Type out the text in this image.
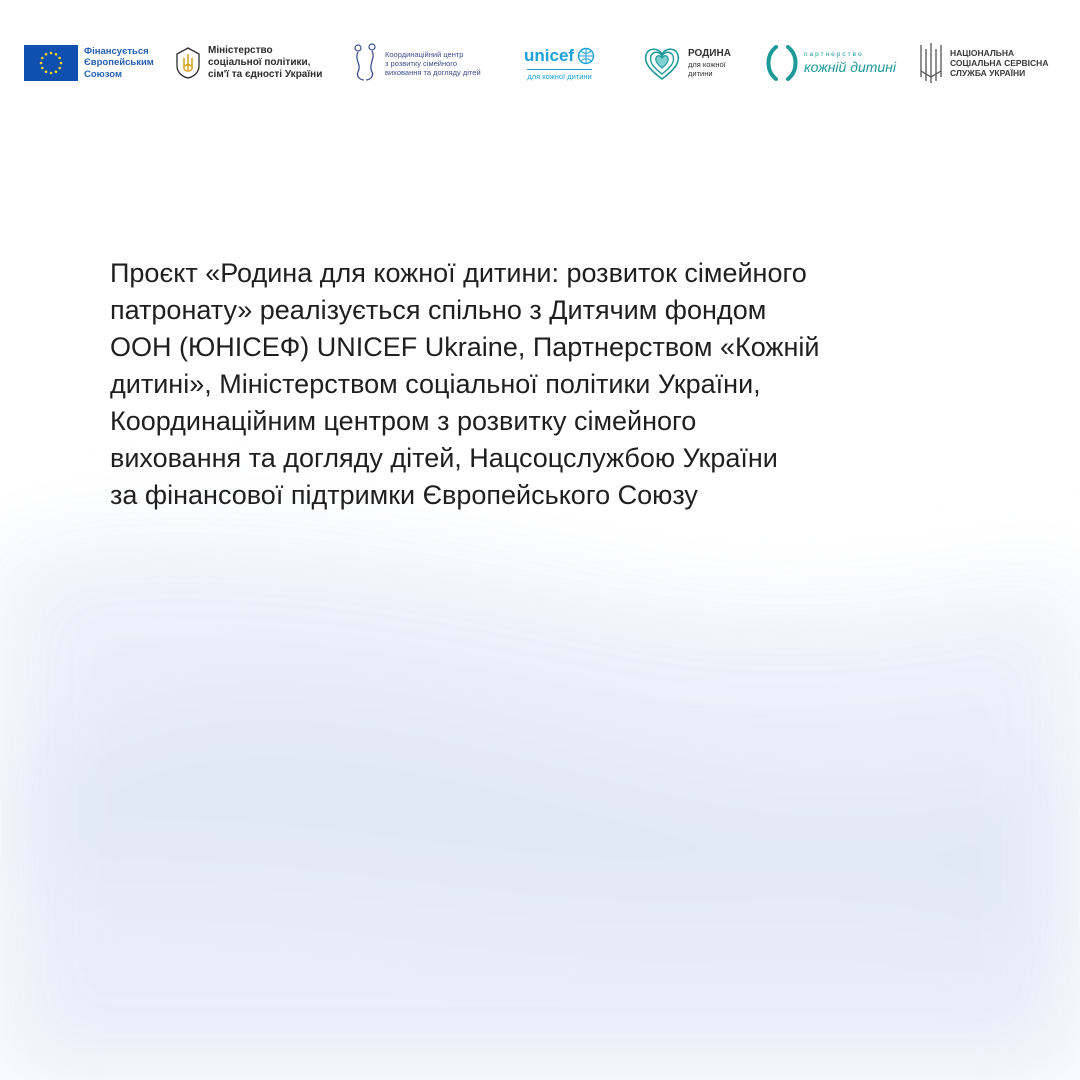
Фінансується
Європейським
Союзом
Міністерство
соціальної політики,
сім'ї та єдності України
Координаційний центр
з розвитку сімейного
виховання та догляду дітей
unicef
для кожної дитини
РОДИНА
для кожної
дитини
партнерство
кожній дитині
НАЦІОНАЛЬНА
СОЦІАЛЬНА СЕРВІСНА
СЛУЖБА УКРАЇНИ

Проєкт «Родина для кожної дитини: розвиток сімейного
патронату» реалізується спільно з Дитячим фондом
ООН (ЮНІСЕФ) UNICEF Ukraine, Партнерством «Кожній
дитині», Міністерством соціальної політики України,
Координаційним центром з розвитку сімейного
виховання та догляду дітей, Нацсоцслужбою України
за фінансової підтримки Європейського Союзу
